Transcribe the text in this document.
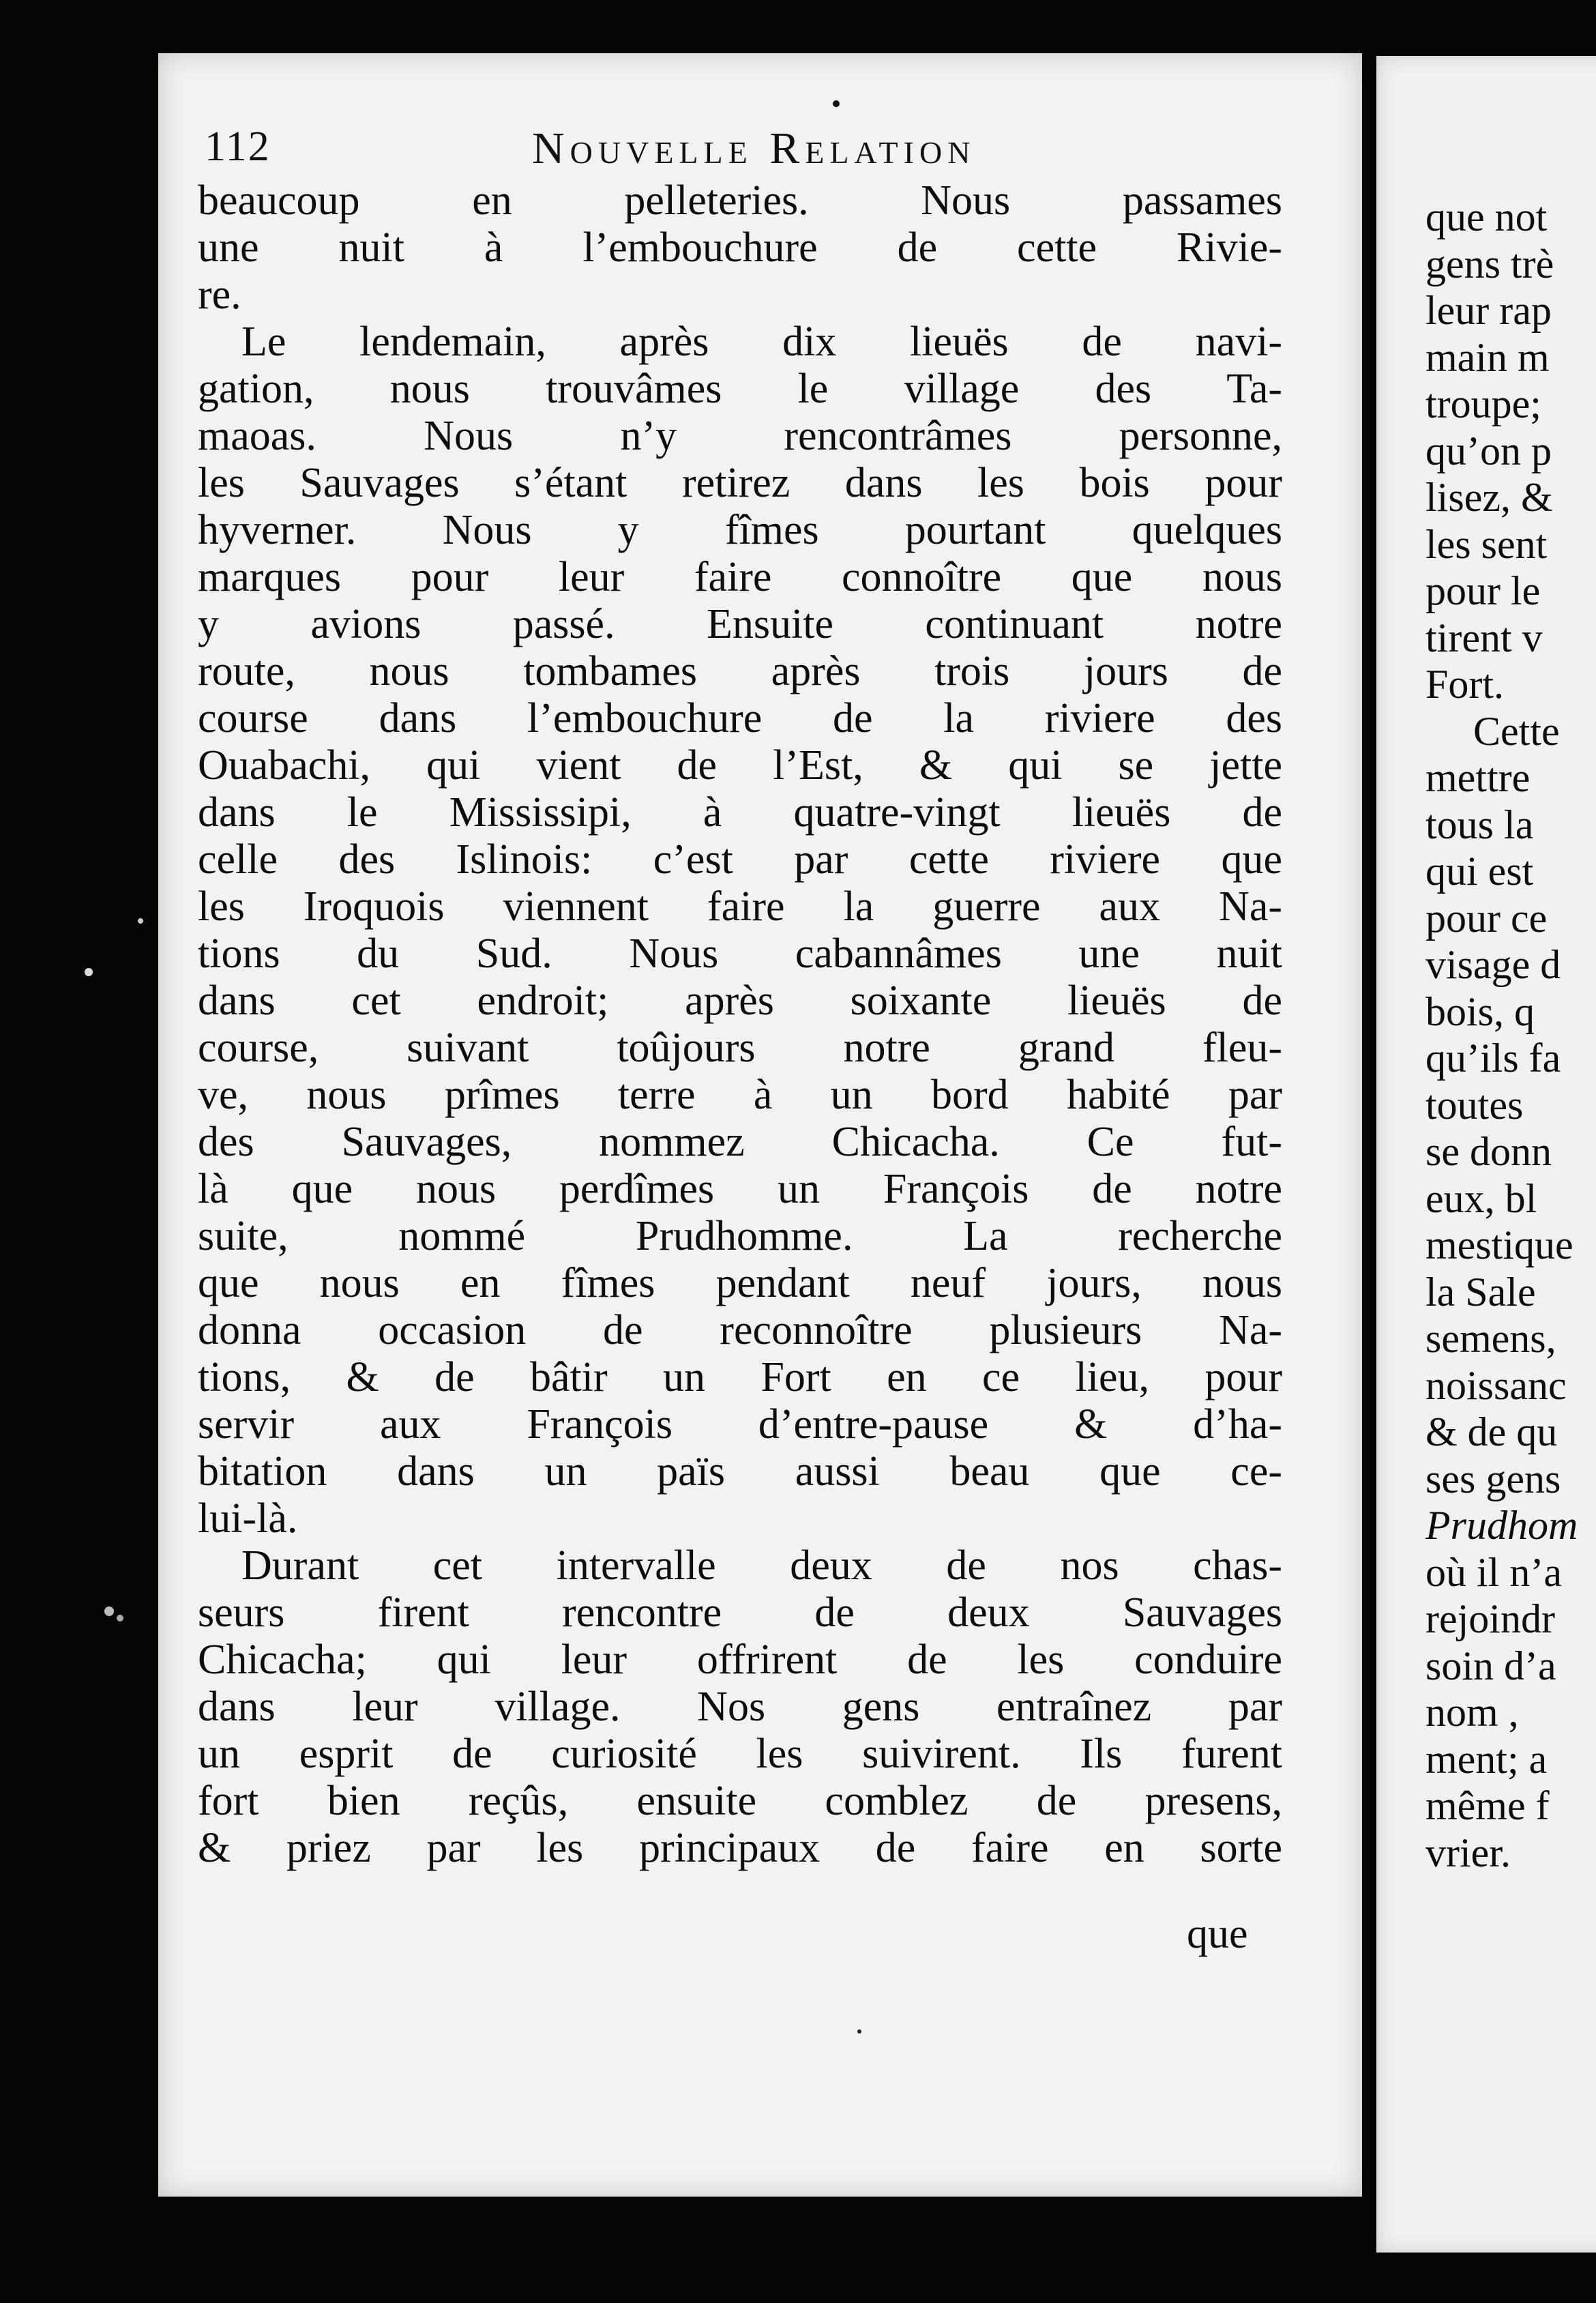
112	Nouvelle Relation
beaucoup en pelleteries. Nous passames
une nuit à l’embouchure de cette Rivie-
re.
Le lendemain, après dix lieuës de navi-
gation, nous trouvâmes le village des Ta-
maoas. Nous n’y rencontrâmes personne,
les Sauvages s’étant retirez dans les bois pour
hyverner. Nous y fîmes pourtant quelques
marques pour leur faire connoître que nous
y avions passé. Ensuite continuant notre
route, nous tombames après trois jours de
course dans l’embouchure de la riviere des
Ouabachi, qui vient de l’Est, & qui se jette
dans le Mississipi, à quatre-vingt lieuës de
celle des Islinois: c’est par cette riviere que
les Iroquois viennent faire la guerre aux Na-
tions du Sud. Nous cabannâmes une nuit
dans cet endroit; après soixante lieuës de
course, suivant toûjours notre grand fleu-
ve, nous prîmes terre à un bord habité par
des Sauvages, nommez Chicacha. Ce fut-
là que nous perdîmes un François de notre
suite, nommé Prudhomme. La recherche
que nous en fîmes pendant neuf jours, nous
donna occasion de reconnoître plusieurs Na-
tions, & de bâtir un Fort en ce lieu, pour
servir aux François d’entre-pause & d’ha-
bitation dans un païs aussi beau que ce-
lui-là.
Durant cet intervalle deux de nos chas-
seurs firent rencontre de deux Sauvages
Chicacha; qui leur offrirent de les conduire
dans leur village. Nos gens entraînez par
un esprit de curiosité les suivirent. Ils furent
fort bien reçûs, ensuite comblez de presens,
& priez par les principaux de faire en sorte
que
que not
gens trè
leur rap
main m
troupe;
qu’on p
lisez, &
les sent
pour le
tirent v
Fort.
Cette
mettre
tous la
qui est
pour ce
visage d
bois, q
qu’ils fa
toutes
se donn
eux, bl
mestique
la Sale
semens,
noissanc
& de qu
ses gens
Prudhom
où il n’a
rejoindr
soin d’a
nom ,
ment; a
même f
vrier.
